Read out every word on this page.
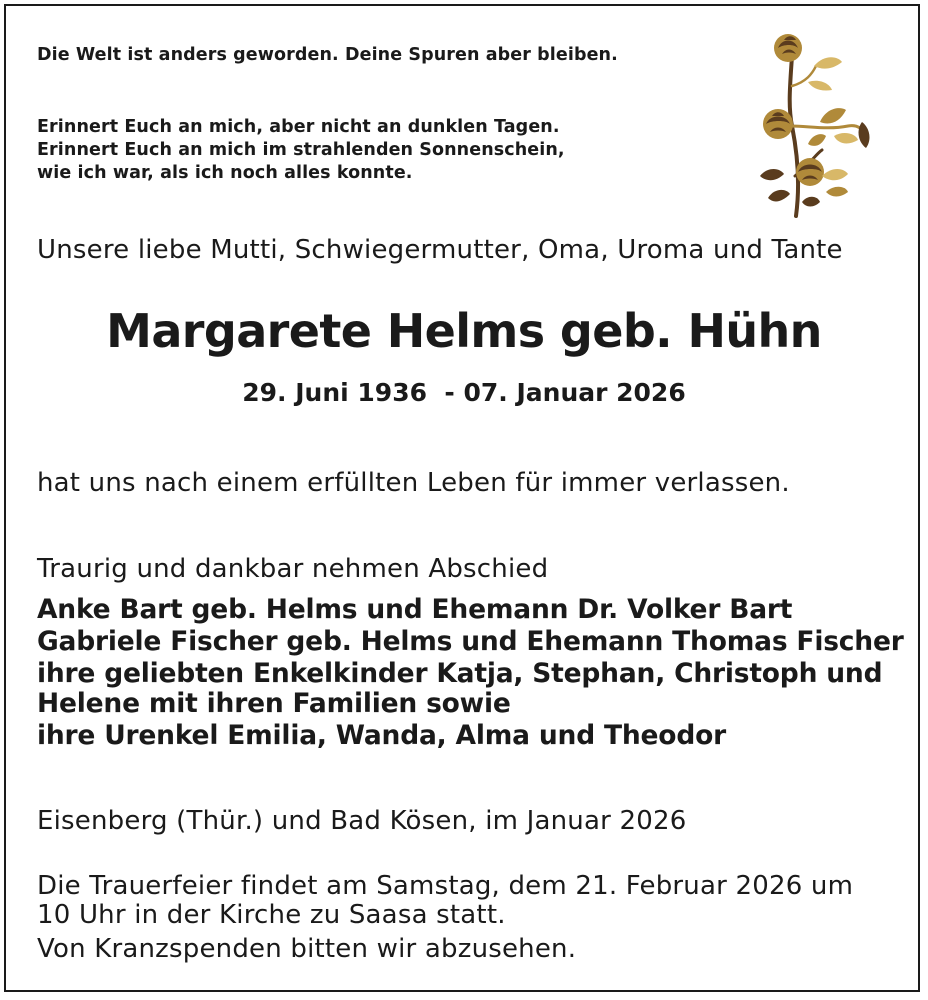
Die Welt ist anders geworden. Deine Spuren aber bleiben.

Erinnert Euch an mich, aber nicht an dunklen Tagen.

Erinnert Euch an mich im strahlenden Sonnenschein,

wie ich war, als ich noch alles konnte.

Unsere liebe Mutti, Schwiegermutter, Oma, Uroma und Tante

Margarete Helms geb. Hühn

29. Juni 1936  - 07. Januar 2026

hat uns nach einem erfüllten Leben für immer verlassen.

Traurig und dankbar nehmen Abschied

Anke Bart geb. Helms und Ehemann Dr. Volker Bart

Gabriele Fischer geb. Helms und Ehemann Thomas Fischer

ihre geliebten Enkelkinder Katja, Stephan, Christoph und

Helene mit ihren Familien sowie

ihre Urenkel Emilia, Wanda, Alma und Theodor

Eisenberg (Thür.) und Bad Kösen, im Januar 2026

Die Trauerfeier findet am Samstag, dem 21. Februar 2026 um

10 Uhr in der Kirche zu Saasa statt.

Von Kranzspenden bitten wir abzusehen.
